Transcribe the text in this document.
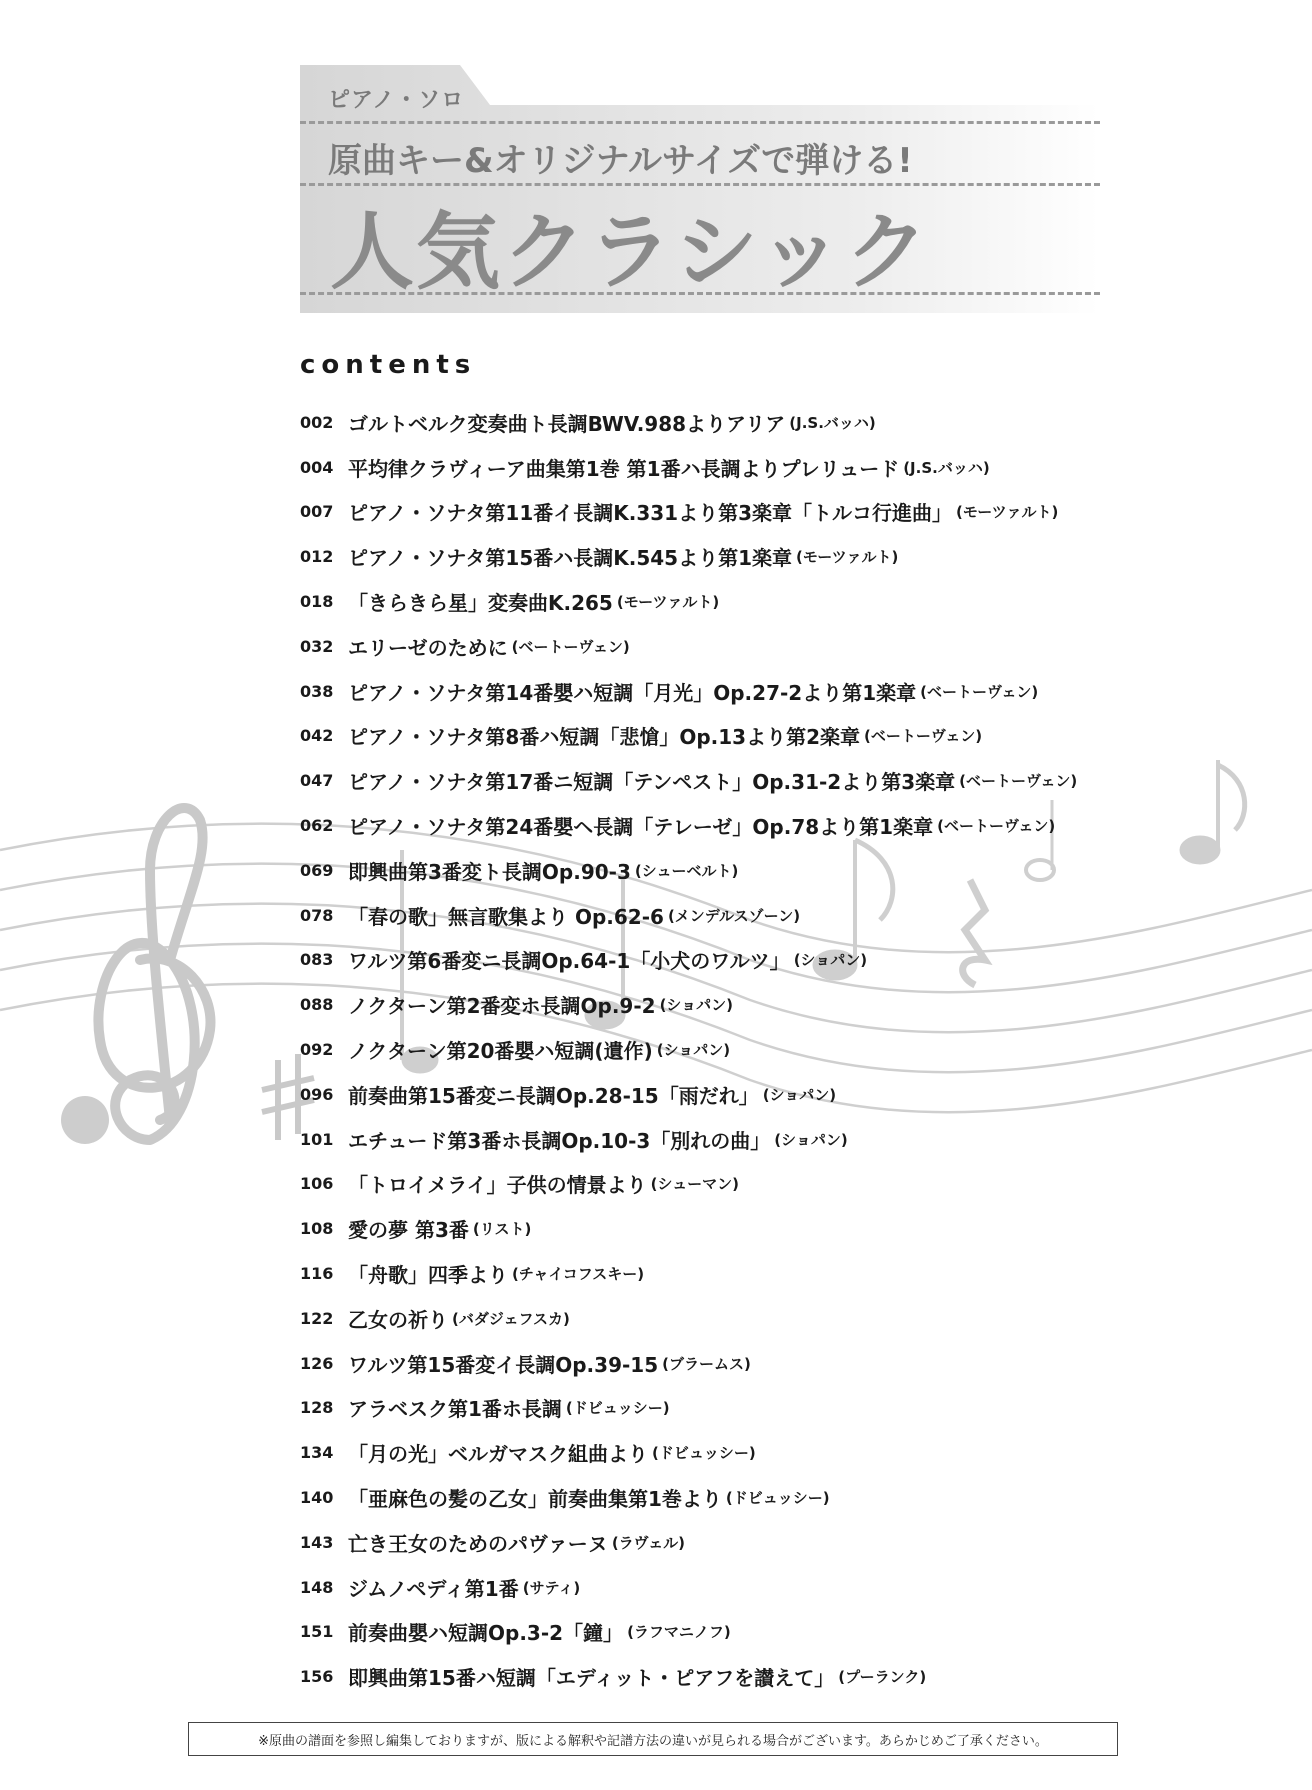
ピアノ・ソロ
原曲キー&オリジナルサイズで弾ける!
人気クラシック
contents
002 ゴルトベルク変奏曲ト長調BWV.988よりアリア (J.S.バッハ)
004 平均律クラヴィーア曲集第1巻 第1番ハ長調よりプレリュード (J.S.バッハ)
007 ピアノ・ソナタ第11番イ長調K.331より第3楽章「トルコ行進曲」 (モーツァルト)
012 ピアノ・ソナタ第15番ハ長調K.545より第1楽章 (モーツァルト)
018 「きらきら星」変奏曲K.265 (モーツァルト)
032 エリーゼのために (ベートーヴェン)
038 ピアノ・ソナタ第14番嬰ハ短調「月光」Op.27-2より第1楽章 (ベートーヴェン)
042 ピアノ・ソナタ第8番ハ短調「悲愴」Op.13より第2楽章 (ベートーヴェン)
047 ピアノ・ソナタ第17番ニ短調「テンペスト」Op.31-2より第3楽章 (ベートーヴェン)
062 ピアノ・ソナタ第24番嬰ヘ長調「テレーゼ」Op.78より第1楽章 (ベートーヴェン)
069 即興曲第3番変ト長調Op.90-3 (シューベルト)
078 「春の歌」無言歌集より Op.62-6 (メンデルスゾーン)
083 ワルツ第6番変ニ長調Op.64-1「小犬のワルツ」 (ショパン)
088 ノクターン第2番変ホ長調Op.9-2 (ショパン)
092 ノクターン第20番嬰ハ短調(遺作) (ショパン)
096 前奏曲第15番変ニ長調Op.28-15「雨だれ」 (ショパン)
101 エチュード第3番ホ長調Op.10-3「別れの曲」 (ショパン)
106 「トロイメライ」子供の情景より (シューマン)
108 愛の夢 第3番 (リスト)
116 「舟歌」四季より (チャイコフスキー)
122 乙女の祈り (バダジェフスカ)
126 ワルツ第15番変イ長調Op.39-15 (ブラームス)
128 アラベスク第1番ホ長調 (ドビュッシー)
134 「月の光」ベルガマスク組曲より (ドビュッシー)
140 「亜麻色の髪の乙女」前奏曲集第1巻より (ドビュッシー)
143 亡き王女のためのパヴァーヌ (ラヴェル)
148 ジムノペディ第1番 (サティ)
151 前奏曲嬰ハ短調Op.3-2「鐘」 (ラフマニノフ)
156 即興曲第15番ハ短調「エディット・ピアフを讃えて」 (プーランク)
※原曲の譜面を参照し編集しておりますが、版による解釈や記譜方法の違いが見られる場合がございます。あらかじめご了承ください。
